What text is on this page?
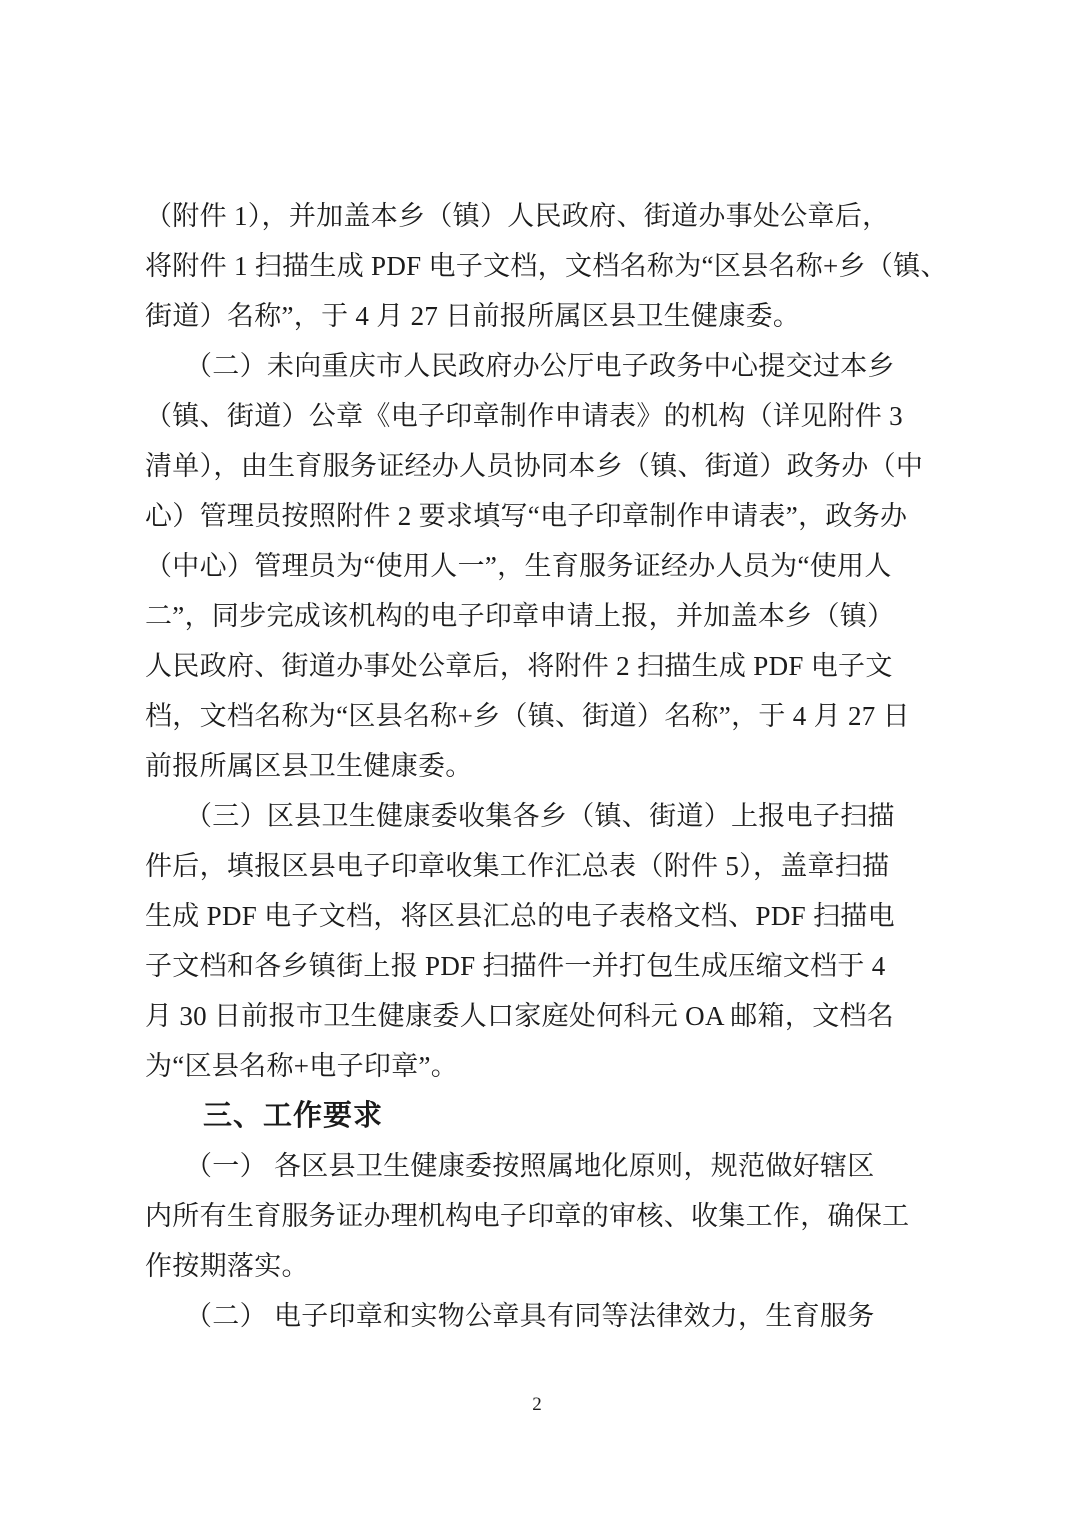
（附件 1），并加盖本乡（镇）人民政府、街道办事处公章后，
将附件 1 扫描生成 PDF 电子文档，文档名称为“区县名称+乡（镇、
街道）名称”，于 4 月 27 日前报所属区县卫生健康委。
（二）未向重庆市人民政府办公厅电子政务中心提交过本乡
（镇、街道）公章《电子印章制作申请表》的机构（详见附件 3
清单），由生育服务证经办人员协同本乡（镇、街道）政务办（中
心）管理员按照附件 2 要求填写“电子印章制作申请表”，政务办
（中心）管理员为“使用人一”，生育服务证经办人员为“使用人
二”，同步完成该机构的电子印章申请上报，并加盖本乡（镇）
人民政府、街道办事处公章后，将附件 2 扫描生成 PDF 电子文
档，文档名称为“区县名称+乡（镇、街道）名称”，于 4 月 27 日
前报所属区县卫生健康委。
（三）区县卫生健康委收集各乡（镇、街道）上报电子扫描
件后，填报区县电子印章收集工作汇总表（附件 5），盖章扫描
生成 PDF 电子文档，将区县汇总的电子表格文档、PDF 扫描电
子文档和各乡镇街上报 PDF 扫描件一并打包生成压缩文档于 4
月 30 日前报市卫生健康委人口家庭处何科元 OA 邮箱，文档名
为“区县名称+电子印章”。
三、工作要求
（一） 各区县卫生健康委按照属地化原则，规范做好辖区
内所有生育服务证办理机构电子印章的审核、收集工作，确保工
作按期落实。
（二） 电子印章和实物公章具有同等法律效力，生育服务
2
